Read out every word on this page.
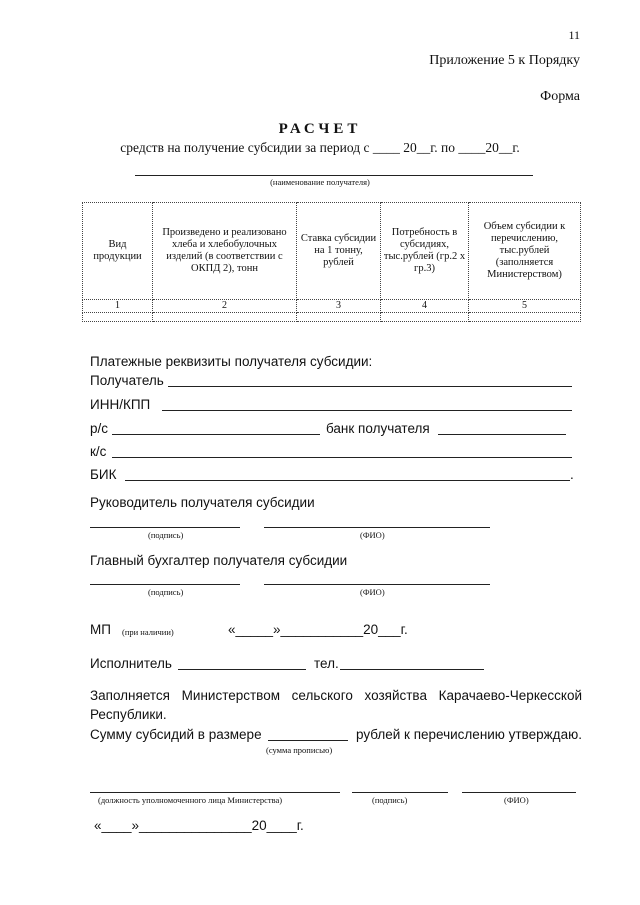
11
Приложение 5 к Порядку
Форма
РАСЧЕТ
средств на получение субсидии за период с ____ 20__г. по ____20__г.
(наименование получателя)
Вид продукции	Произведено и реализовано хлеба и хлебобулочных изделий (в соответствии с ОКПД 2), тонн	Ставка субсидии на 1 тонну, рублей	Потребность в субсидиях, тыс.рублей (гр.2 х гр.3)	Объем субсидии к перечислению, тыс.рублей (заполняется Министерством)
1	2	3	4	5

Платежные реквизиты получателя субсидии:
Получатель
ИНН/КПП
р/с	банк получателя
к/с
БИК	.
Руководитель получателя субсидии
(подпись)	(ФИО)
Главный бухгалтер получателя субсидии
(подпись)	(ФИО)
МП (при наличии)	«_____»___________20___г.
Исполнитель	тел.
Заполняется Министерством сельского хозяйства Карачаево-Черкесской Республики.
Сумму субсидий в размере	рублей к перечислению утверждаю.
(сумма прописью)
(должность уполномоченного лица Министерства)	(подпись)	(ФИО)
«____»_______________20____г.
